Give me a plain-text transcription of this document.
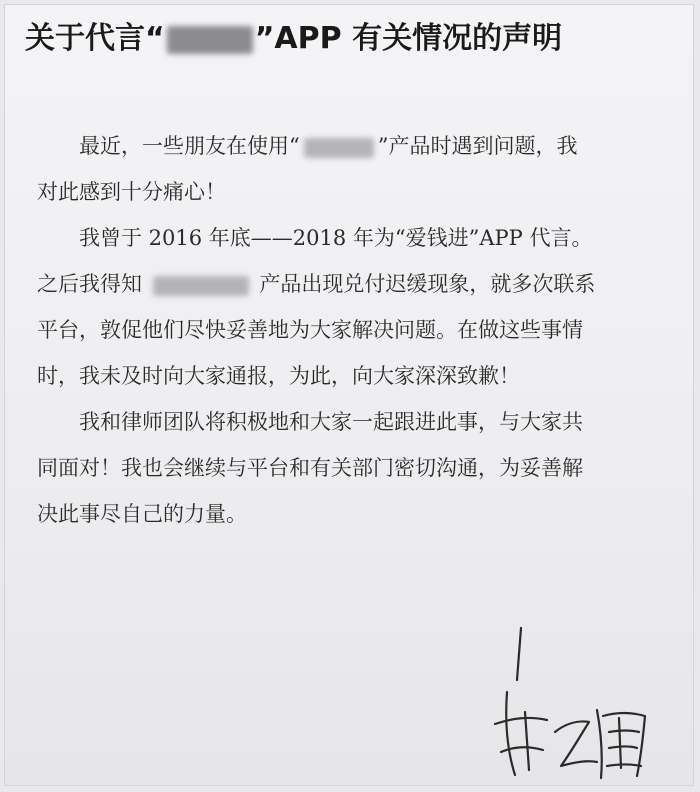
关于代言“	”APP 有关情况的声明
最近，一些朋友在使用“	”产品时遇到问题，我
对此感到十分痛心！
我曾于 2016 年底——2018 年为“爱钱进”APP 代言。
之后我得知	产品出现兑付迟缓现象，就多次联系
平台，敦促他们尽快妥善地为大家解决问题。在做这些事情
时，我未及时向大家通报，为此，向大家深深致歉！
我和律师团队将积极地和大家一起跟进此事，与大家共
同面对！我也会继续与平台和有关部门密切沟通，为妥善解
决此事尽自己的力量。
